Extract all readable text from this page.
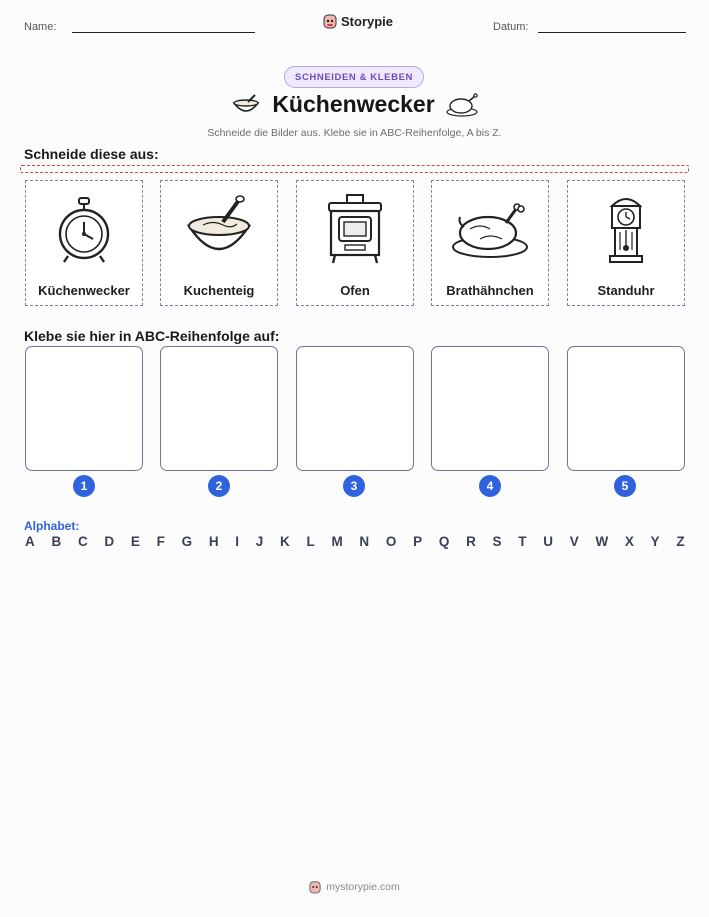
Name:	Storypie	Datum:
SCHNEIDEN & KLEBEN
Küchenwecker
Schneide die Bilder aus. Klebe sie in ABC-Reihenfolge, A bis Z.
Schneide diese aus:
Küchenwecker	Kuchenteig	Ofen	Brathähnchen	Standuhr
Klebe sie hier in ABC-Reihenfolge auf:
1	2	3	4	5
Alphabet:
A B C D E F G H I J K L M N O P Q R S T U V W X Y Z
mystorypie.com
